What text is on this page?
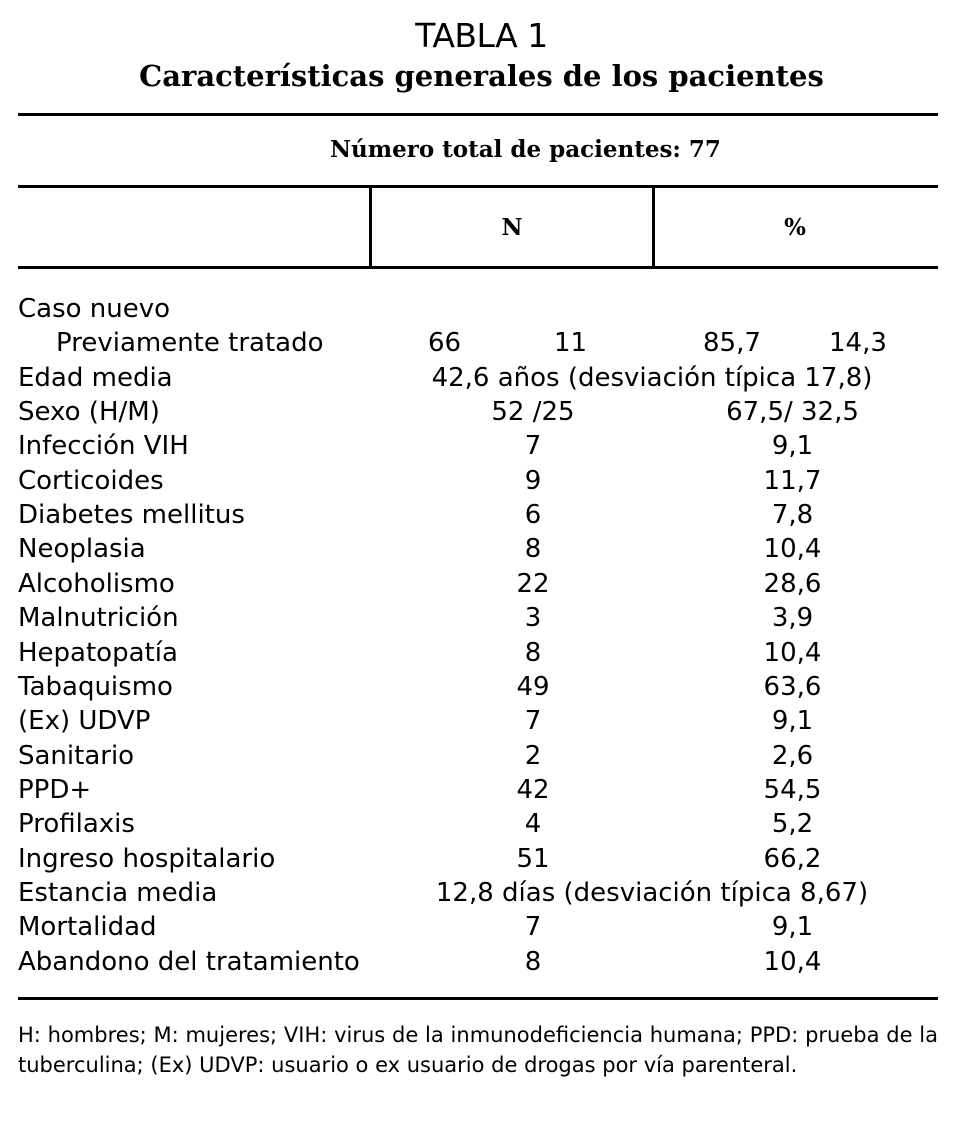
TABLA 1
Características generales de los pacientes
Número total de pacientes: 77
N	%
Caso nuevo
Previamente tratado	66	11	85,7	14,3
Edad media	42,6 años (desviación típica 17,8)
Sexo (H/M)	52 /25	67,5/ 32,5
Infección VIH	7	9,1
Corticoides	9	11,7
Diabetes mellitus	6	7,8
Neoplasia	8	10,4
Alcoholismo	22	28,6
Malnutrición	3	3,9
Hepatopatía	8	10,4
Tabaquismo	49	63,6
(Ex) UDVP	7	9,1
Sanitario	2	2,6
PPD+	42	54,5
Profilaxis	4	5,2
Ingreso hospitalario	51	66,2
Estancia media	12,8 días (desviación típica 8,67)
Mortalidad	7	9,1
Abandono del tratamiento	8	10,4
H: hombres; M: mujeres; VIH: virus de la inmunodeficiencia humana; PPD: prueba de la tuberculina; (Ex) UDVP: usuario o ex usuario de drogas por vía parenteral.
